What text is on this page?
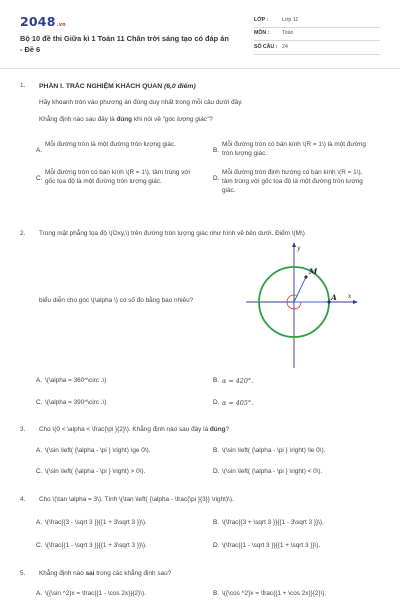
2048.vn
Bộ 10 đề thi Giữa kì 1 Toán 11 Chân trời sáng tạo có đáp án - Đề 6
LỚP :	Lớp 11
MÔN :	Toán
SỐ CÂU : 24
1. PHẦN I. TRẮC NGHIỆM KHÁCH QUAN (6,0 điểm)
Hãy khoanh tròn vào phương án đúng duy nhất trong mỗi câu dưới đây.
Khẳng định nào sau đây là đúng khi nói về "góc lượng giác"?
A.
Mỗi đường tròn là một đường tròn lượng giác.
B.
Mỗi đường tròn có bán kính \(R = 1\) là một đường tròn lượng giác.
C.
Mỗi đường tròn có bán kính \(R = 1\), tâm trùng với gốc tọa độ là một đường tròn lượng giác.	D.
Mỗi đường tròn định hướng có bán kính \(R = 1\), tâm trùng với gốc tọa độ là một đường tròn lượng giác.
2. Trong mặt phẳng tọa độ \(Oxy,\) trên đường tròn lượng giác như hình vẽ bên dưới. Điểm \(M\)
biểu diễn cho góc \(\alpha \) có số đo bằng bao nhiêu?
y
x
M
A
A. \(\alpha = 360^\circ .\)	B. α = 420°.
C. \(\alpha = 390^\circ .\)	D. α = 405°.
3. Cho \(0 < \alpha < \frac{\pi }{2}\). Khẳng định nào sau đây là đúng?
A. \(\sin \left( {\alpha - \pi } \right) \ge 0\).	B. \(\sin \left( {\alpha - \pi } \right) \le 0\).
C. \(\sin \left( {\alpha - \pi } \right) > 0\).	D. \(\sin \left( {\alpha - \pi } \right) < 0\).
4. Cho \(\tan \alpha = 3\). Tính \(\tan \left( {\alpha - \frac{\pi }{3}} \right)\).
A. \(\frac{{3 - \sqrt 3 }}{{1 + 3\sqrt 3 }}\).	B. \(\frac{{3 + \sqrt 3 }}{{1 - 3\sqrt 3 }}\).
C. \(\frac{{1 - \sqrt 3 }}{{1 + 3\sqrt 3 }}\).	D. \(\frac{{1 - \sqrt 3 }}{{1 + \sqrt 3 }}\).
5. Khẳng định nào sai trong các khẳng định sau?
A. \({\sin ^2}x = \frac{{1 - \cos 2x}}{2}\).	B. \({\cos ^2}x = \frac{{1 + \cos 2x}}{2}\).
